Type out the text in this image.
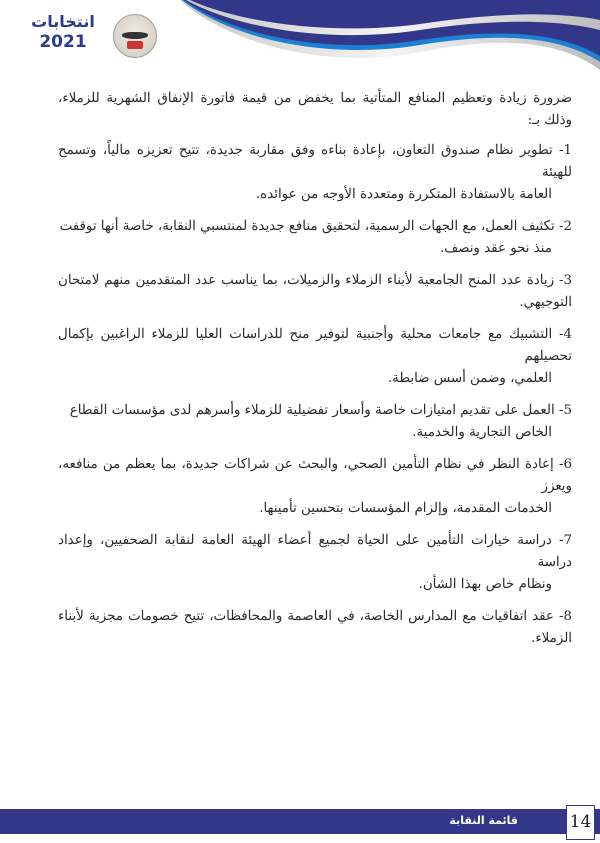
انتخابات
2021

ضرورة زيادة وتعظيم المنافع المتأتية بما يخفض من قيمة فاتورة الإنفاق الشهرية للزملاء، وذلك بـ:

1- تطوير نظام صندوق التعاون، بإعادة بناءه وفق مقاربة جديدة، تتيح تعزيزه مالياً، وتسمح للهيئة
العامة بالاستفادة المتكررة ومتعددة الأوجه من عوائده.
2- تكثيف العمل، مع الجهات الرسمية، لتحقيق منافع جديدة لمنتسبي النقابة، خاصة أنها توقفت
منذ نحو عقد ونصف.
3- زيادة عدد المنح الجامعية لأبناء الزملاء والزميلات، بما يناسب عدد المتقدمين منهم لامتحان التوجيهي.
4- التشبيك مع جامعات محلية وأجنبية لتوفير منح للدراسات العليا للزملاء الراغبين بإكمال تحصيلهم
العلمي، وضمن أسس ضابطة.
5- العمل على تقديم امتيازات خاصة وأسعار تفضيلية للزملاء وأسرهم لدى مؤسسات القطاع
الخاص التجارية والخدمية.
6- إعادة النظر في نظام التأمين الصحي، والبحث عن شراكات جديدة، بما يعظم من منافعه، ويعزز
الخدمات المقدمة، وإلزام المؤسسات بتحسين تأمينها.
7- دراسة خيارات التأمين على الحياة لجميع أعضاء الهيئة العامة لنقابة الصحفيين، وإعداد دراسة
ونظام خاص بهذا الشأن.
8- عقد اتفاقيات مع المدارس الخاصة، في العاصمة والمحافظات، تتيح خصومات مجزية لأبناء الزملاء.
قائمة النقابة	14
